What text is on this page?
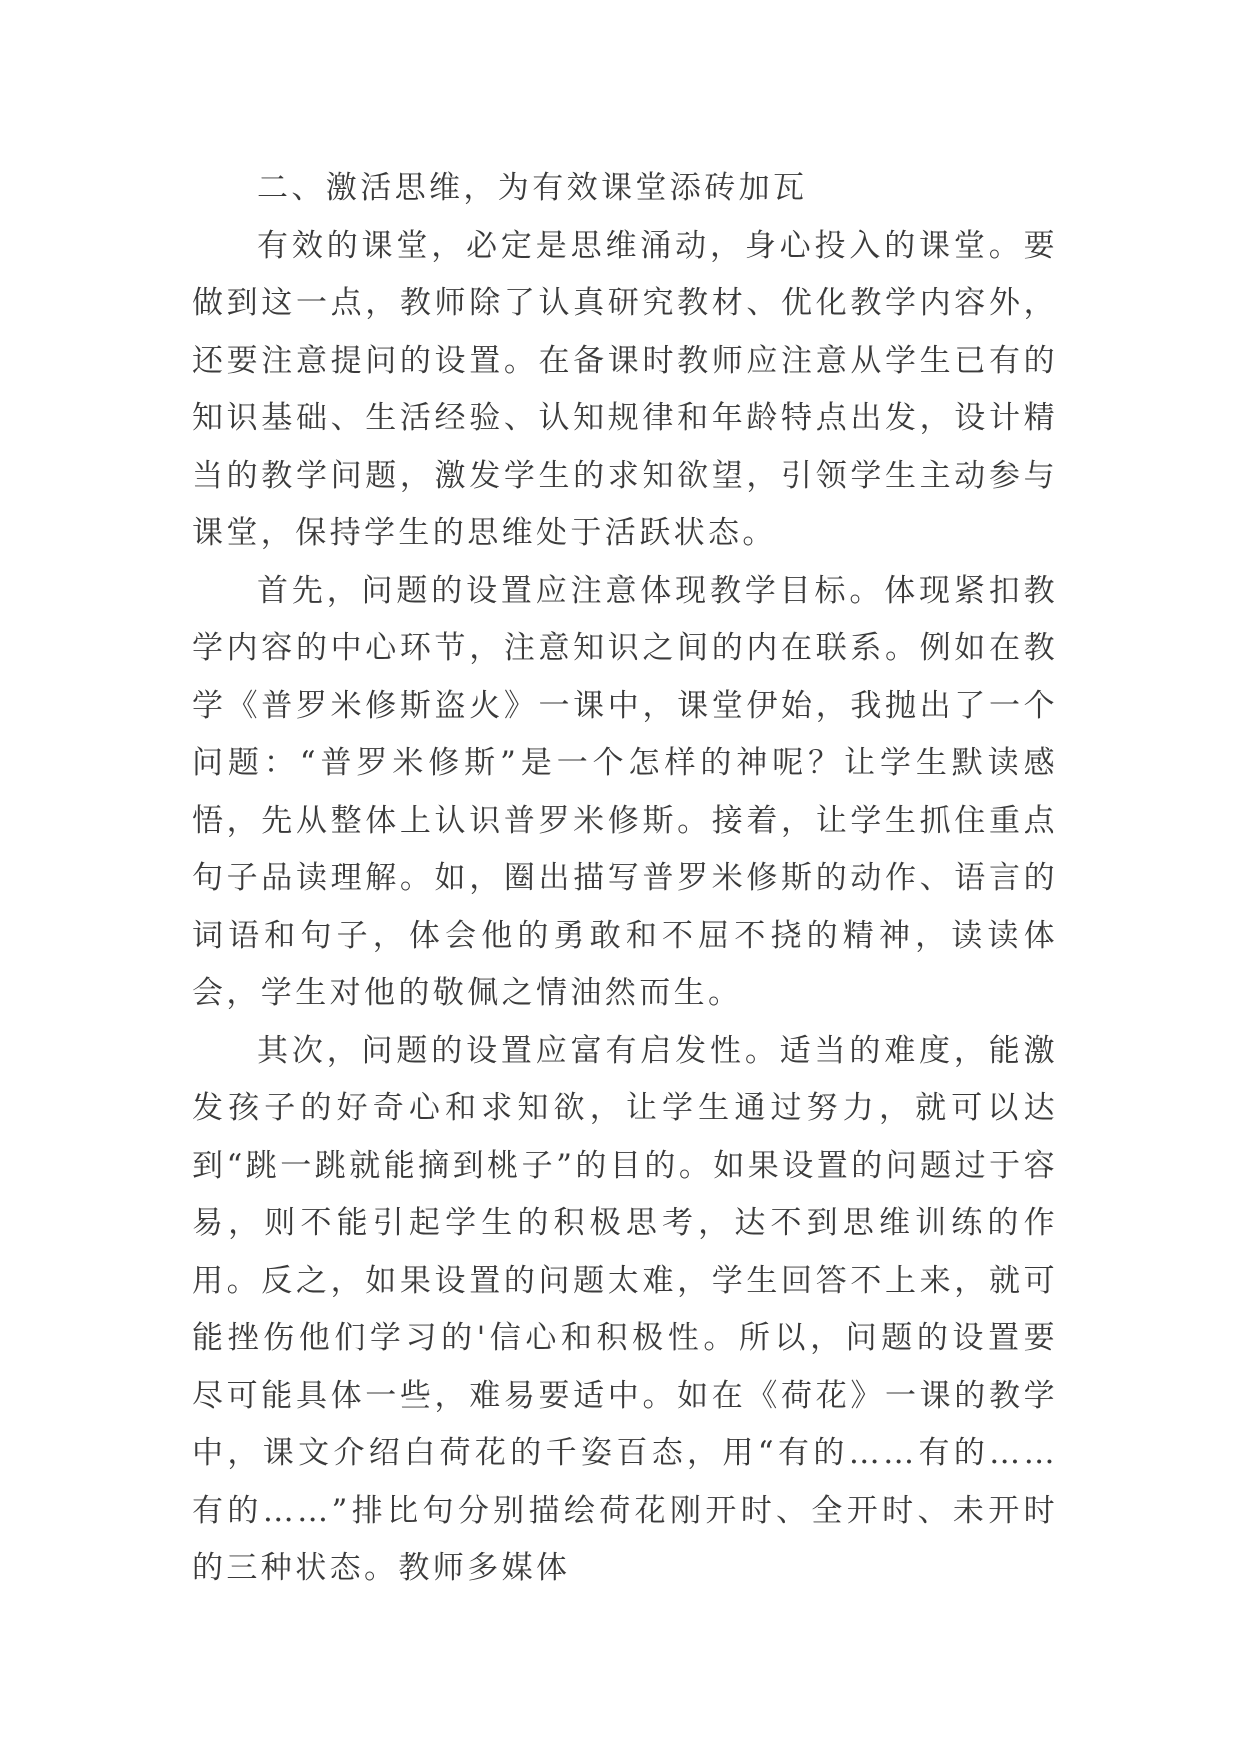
二、激活思维，为有效课堂添砖加瓦

有效的课堂，必定是思维涌动，身心投入的课堂。要做到这一点，教师除了认真研究教材、优化教学内容外，还要注意提问的设置。在备课时教师应注意从学生已有的知识基础、生活经验、认知规律和年龄特点出发，设计精当的教学问题，激发学生的求知欲望，引领学生主动参与课堂，保持学生的思维处于活跃状态。

首先，问题的设置应注意体现教学目标。体现紧扣教学内容的中心环节，注意知识之间的内在联系。例如在教学《普罗米修斯盗火》一课中，课堂伊始，我抛出了一个问题：“普罗米修斯”是一个怎样的神呢？让学生默读感悟，先从整体上认识普罗米修斯。接着，让学生抓住重点句子品读理解。如，圈出描写普罗米修斯的动作、语言的词语和句子，体会他的勇敢和不屈不挠的精神，读读体会，学生对他的敬佩之情油然而生。

其次，问题的设置应富有启发性。适当的难度，能激发孩子的好奇心和求知欲，让学生通过努力，就可以达到“跳一跳就能摘到桃子”的目的。如果设置的问题过于容易，则不能引起学生的积极思考，达不到思维训练的作用。反之，如果设置的问题太难，学生回答不上来，就可能挫伤他们学习的'信心和积极性。所以，问题的设置要尽可能具体一些，难易要适中。如在《荷花》一课的教学中，课文介绍白荷花的千姿百态，用“有的……有的……有的……”排比句分别描绘荷花刚开时、全开时、未开时的三种状态。教师多媒体
